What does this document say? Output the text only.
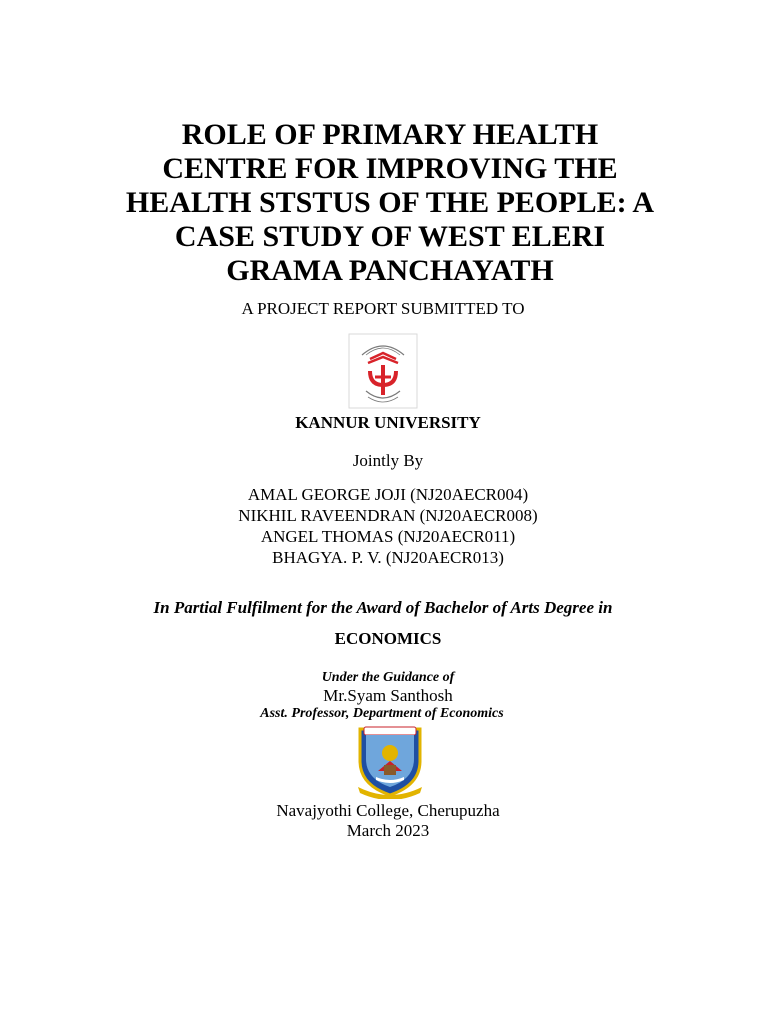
ROLE OF PRIMARY HEALTH
CENTRE FOR IMPROVING THE
HEALTH STSTUS OF THE PEOPLE: A
CASE STUDY OF WEST ELERI
GRAMA PANCHAYATH

A PROJECT REPORT SUBMITTED TO

KANNUR UNIVERSITY

Jointly By

AMAL GEORGE JOJI (NJ20AECR004)
NIKHIL RAVEENDRAN (NJ20AECR008)
ANGEL THOMAS (NJ20AECR011)
BHAGYA. P. V. (NJ20AECR013)

In Partial Fulfilment for the Award of Bachelor of Arts Degree in

ECONOMICS

Under the Guidance of

Mr.Syam Santhosh

Asst. Professor, Department of Economics

Navajyothi College, Cherupuzha

March 2023
